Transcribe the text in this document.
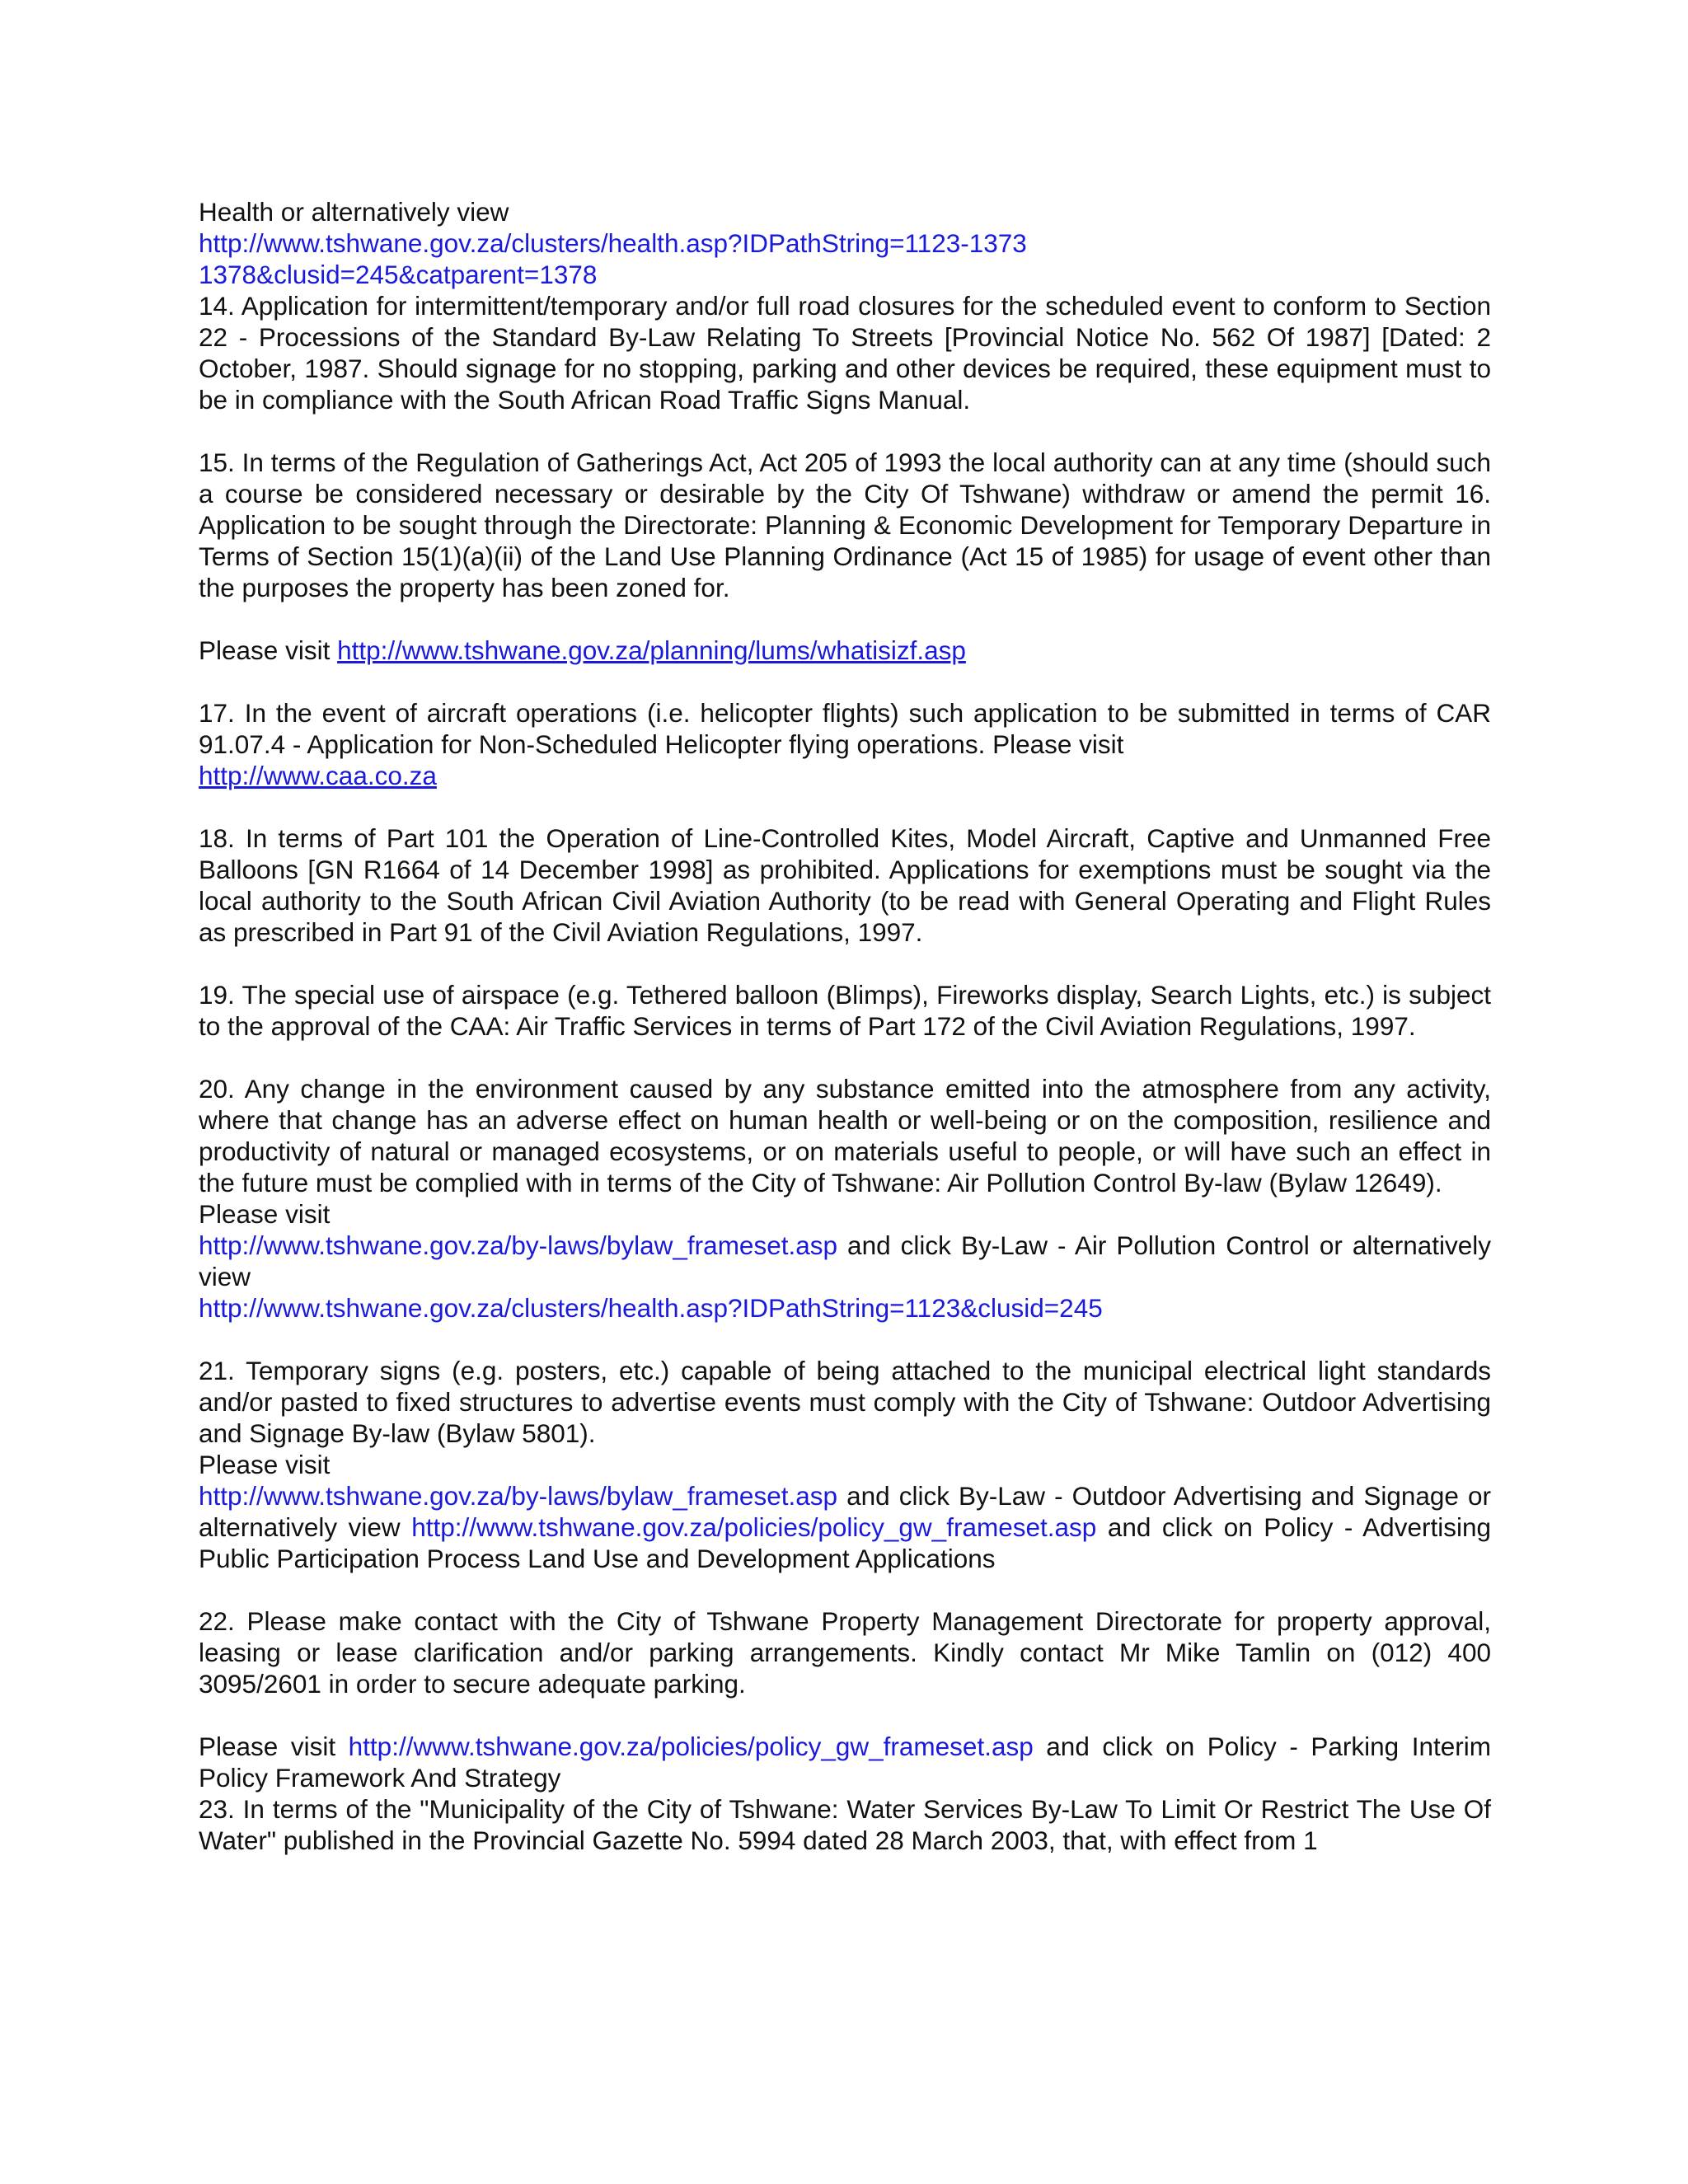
Health or alternatively view
http://www.tshwane.gov.za/clusters/health.asp?IDPathString=1123-1373
1378&clusid=245&catparent=1378

14. Application for intermittent/temporary and/or full road closures for the scheduled event to conform to Section 22 - Processions of the Standard By-Law Relating To Streets [Provincial Notice No. 562 Of 1987] [Dated: 2 October, 1987. Should signage for no stopping, parking and other devices be required, these equipment must to be in compliance with the South African Road Traffic Signs Manual.

15. In terms of the Regulation of Gatherings Act, Act 205 of 1993 the local authority can at any time (should such a course be considered necessary or desirable by the City Of Tshwane) withdraw or amend the permit 16. Application to be sought through the Directorate: Planning & Economic Development for Temporary Departure in Terms of Section 15(1)(a)(ii) of the Land Use Planning Ordinance (Act 15 of 1985) for usage of event other than the purposes the property has been zoned for.

Please visit http://www.tshwane.gov.za/planning/lums/whatisizf.asp

17. In the event of aircraft operations (i.e. helicopter flights) such application to be submitted in terms of CAR 91.07.4 - Application for Non-Scheduled Helicopter flying operations. Please visit
http://www.caa.co.za

18. In terms of Part 101 the Operation of Line-Controlled Kites, Model Aircraft, Captive and Unmanned Free Balloons [GN R1664 of 14 December 1998] as prohibited. Applications for exemptions must be sought via the local authority to the South African Civil Aviation Authority (to be read with General Operating and Flight Rules as prescribed in Part 91 of the Civil Aviation Regulations, 1997.

19. The special use of airspace (e.g. Tethered balloon (Blimps), Fireworks display, Search Lights, etc.) is subject to the approval of the CAA: Air Traffic Services in terms of Part 172 of the Civil Aviation Regulations, 1997.

20. Any change in the environment caused by any substance emitted into the atmosphere from any activity, where that change has an adverse effect on human health or well-being or on the composition, resilience and productivity of natural or managed ecosystems, or on materials useful to people, or will have such an effect in the future must be complied with in terms of the City of Tshwane: Air Pollution Control By-law (Bylaw 12649).
Please visit
http://www.tshwane.gov.za/by-laws/bylaw_frameset.asp and click By-Law - Air Pollution Control or alternatively view
http://www.tshwane.gov.za/clusters/health.asp?IDPathString=1123&clusid=245
21. Temporary signs (e.g. posters, etc.) capable of being attached to the municipal electrical light standards and/or pasted to fixed structures to advertise events must comply with the City of Tshwane: Outdoor Advertising and Signage By-law (Bylaw 5801).
Please visit
http://www.tshwane.gov.za/by-laws/bylaw_frameset.asp and click By-Law - Outdoor Advertising and Signage or alternatively view http://www.tshwane.gov.za/policies/policy_gw_frameset.asp and click on Policy - Advertising Public Participation Process Land Use and Development Applications

22. Please make contact with the City of Tshwane Property Management Directorate for property approval, leasing or lease clarification and/or parking arrangements. Kindly contact Mr Mike Tamlin on (012) 400 3095/2601 in order to secure adequate parking.

Please visit http://www.tshwane.gov.za/policies/policy_gw_frameset.asp and click on Policy - Parking Interim Policy Framework And Strategy

23. In terms of the "Municipality of the City of Tshwane: Water Services By-Law To Limit Or Restrict The Use Of Water" published in the Provincial Gazette No. 5994 dated 28 March 2003, that, with effect from 1
